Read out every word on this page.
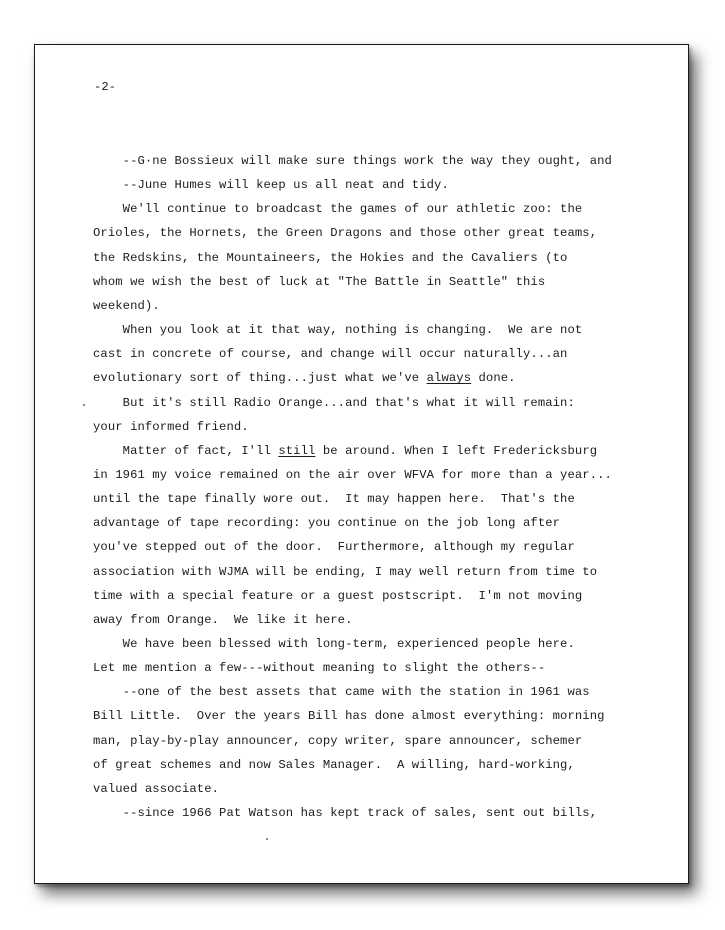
-2-
--G·ne Bossieux will make sure things work the way they ought, and
--June Humes will keep us all neat and tidy.
We'll continue to broadcast the games of our athletic zoo: the
Orioles, the Hornets, the Green Dragons and those other great teams,
the Redskins, the Mountaineers, the Hokies and the Cavaliers (to
whom we wish the best of luck at "The Battle in Seattle" this
weekend).
When you look at it that way, nothing is changing.  We are not
cast in concrete of course, and change will occur naturally...an
evolutionary sort of thing...just what we've always done.
But it's still Radio Orange...and that's what it will remain:
your informed friend.
Matter of fact, I'll still be around. When I left Fredericksburg
in 1961 my voice remained on the air over WFVA for more than a year...
until the tape finally wore out.  It may happen here.  That's the
advantage of tape recording: you continue on the job long after
you've stepped out of the door.  Furthermore, although my regular
association with WJMA will be ending, I may well return from time to
time with a special feature or a guest postscript.  I'm not moving
away from Orange.  We like it here.
We have been blessed with long-term, experienced people here.
Let me mention a few---without meaning to slight the others--
--one of the best assets that came with the station in 1961 was
Bill Little.  Over the years Bill has done almost everything: morning
man, play-by-play announcer, copy writer, spare announcer, schemer
of great schemes and now Sales Manager.  A willing, hard-working,
valued associate.
--since 1966 Pat Watson has kept track of sales, sent out bills,
